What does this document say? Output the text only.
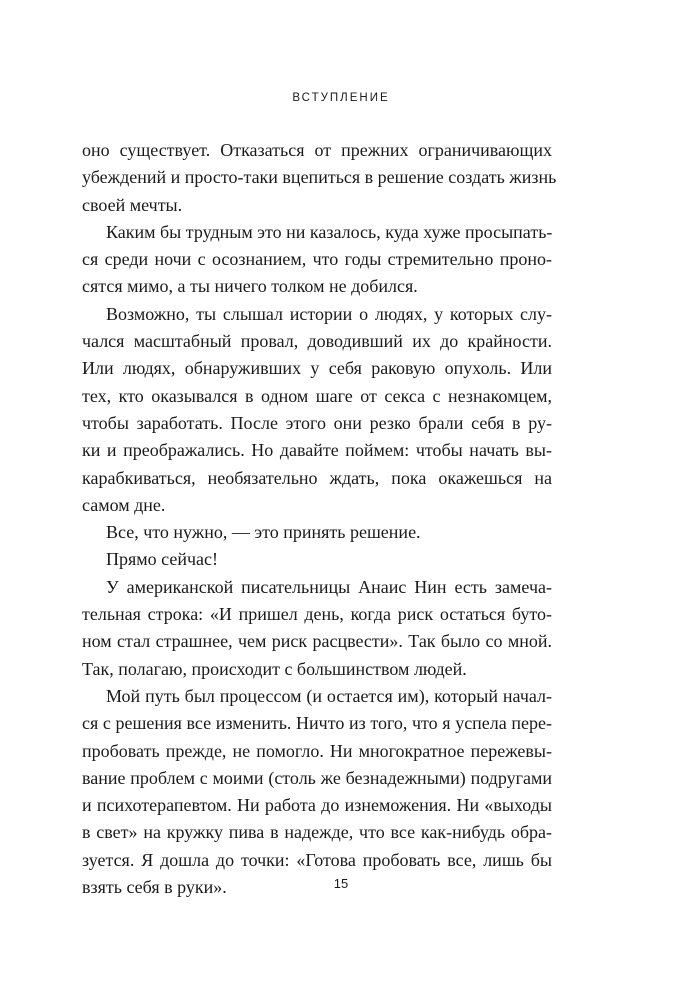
ВСТУПЛЕНИЕ
оно существует. Отказаться от прежних ограничивающих
убеждений и просто-таки вцепиться в решение создать жизнь
своей мечты.
Каким бы трудным это ни казалось, куда хуже просыпать-
ся среди ночи с осознанием, что годы стремительно проно-
сятся мимо, а ты ничего толком не добился.
Возможно, ты слышал истории о людях, у которых слу-
чался масштабный провал, доводивший их до крайности.
Или людях, обнаруживших у себя раковую опухоль. Или
тех, кто оказывался в одном шаге от секса с незнакомцем,
чтобы заработать. После этого они резко брали себя в ру-
ки и преображались. Но давайте поймем: чтобы начать вы-
карабкиваться, необязательно ждать, пока окажешься на
самом дне.
Все, что нужно, — это принять решение.
Прямо сейчас!
У американской писательницы Анаис Нин есть замеча-
тельная строка: «И пришел день, когда риск остаться буто-
ном стал страшнее, чем риск расцвести». Так было со мной.
Так, полагаю, происходит с большинством людей.
Мой путь был процессом (и остается им), который начал-
ся с решения все изменить. Ничто из того, что я успела пере-
пробовать прежде, не помогло. Ни многократное пережевы-
вание проблем с моими (столь же безнадежными) подругами
и психотерапевтом. Ни работа до изнеможения. Ни «выходы
в свет» на кружку пива в надежде, что все как-нибудь обра-
зуется. Я дошла до точки: «Готова пробовать все, лишь бы
взять себя в руки».	15
